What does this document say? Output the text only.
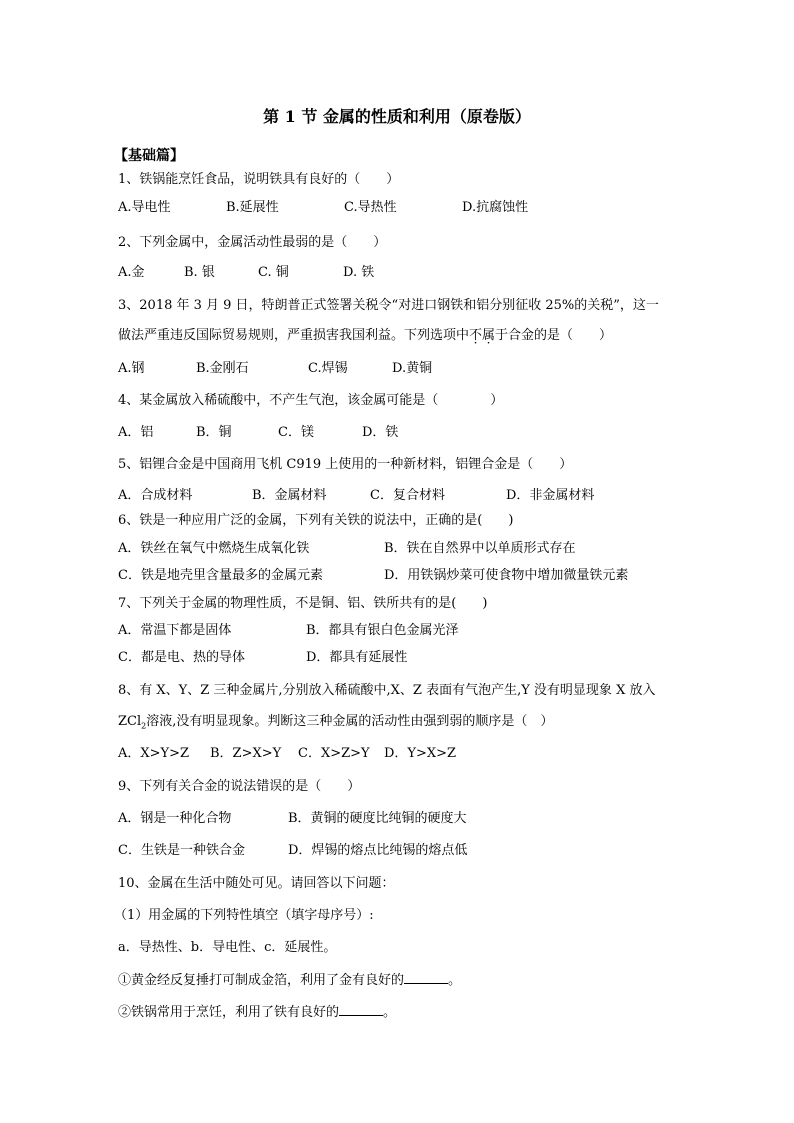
第 1 节 金属的性质和利用（原卷版）
【基础篇】
1、铁锅能烹饪食品，说明铁具有良好的（　　）
A.导电性	B.延展性	C.导热性	D.抗腐蚀性
2、下列金属中，金属活动性最弱的是（　　）
A.金	B. 银	C. 铜	D. 铁
3、2018 年 3 月 9 日，特朗普正式签署关税令“对进口钢铁和铝分别征收 25%的关税”，这一
做法严重违反国际贸易规则，严重损害我国利益。下列选项中不属于合金的是（　　）
A.钢	B.金刚石	C.焊锡	D.黄铜
4、某金属放入稀硫酸中，不产生气泡，该金属可能是（　　　　）
A．铝	B．铜	C．镁	D．铁
5、铝锂合金是中国商用飞机 C919 上使用的一种新材料，铝锂合金是（　　）
A．合成材料	B．金属材料	C．复合材料	D．非金属材料
6、铁是一种应用广泛的金属，下列有关铁的说法中，正确的是(　　)
A．铁丝在氧气中燃烧生成氧化铁	B．铁在自然界中以单质形式存在
C．铁是地壳里含量最多的金属元素	D．用铁锅炒菜可使食物中增加微量铁元素
7、下列关于金属的物理性质，不是铜、铝、铁所共有的是(　　)
A．常温下都是固体	B．都具有银白色金属光泽
C．都是电、热的导体	D．都具有延展性
8、有 X、Y、Z 三种金属片,分别放入稀硫酸中,X、Z 表面有气泡产生,Y 没有明显现象 X 放入
ZCl$_2$溶液,没有明显现象。判断这三种金属的活动性由强到弱的顺序是（　）
A．X>Y>Z B．Z>X>Y C．X>Z>Y D．Y>X>Z
9、下列有关合金的说法错误的是（　　）
A．钢是一种化合物	B．黄铜的硬度比纯铜的硬度大
C．生铁是一种铁合金	D．焊锡的熔点比纯锡的熔点低
10、金属在生活中随处可见。请回答以下问题：
（1）用金属的下列特性填空（填字母序号）:
a．导热性、b．导电性、c．延展性。
①黄金经反复捶打可制成金箔，利用了金有良好的	。
②铁锅常用于烹饪，利用了铁有良好的	。
